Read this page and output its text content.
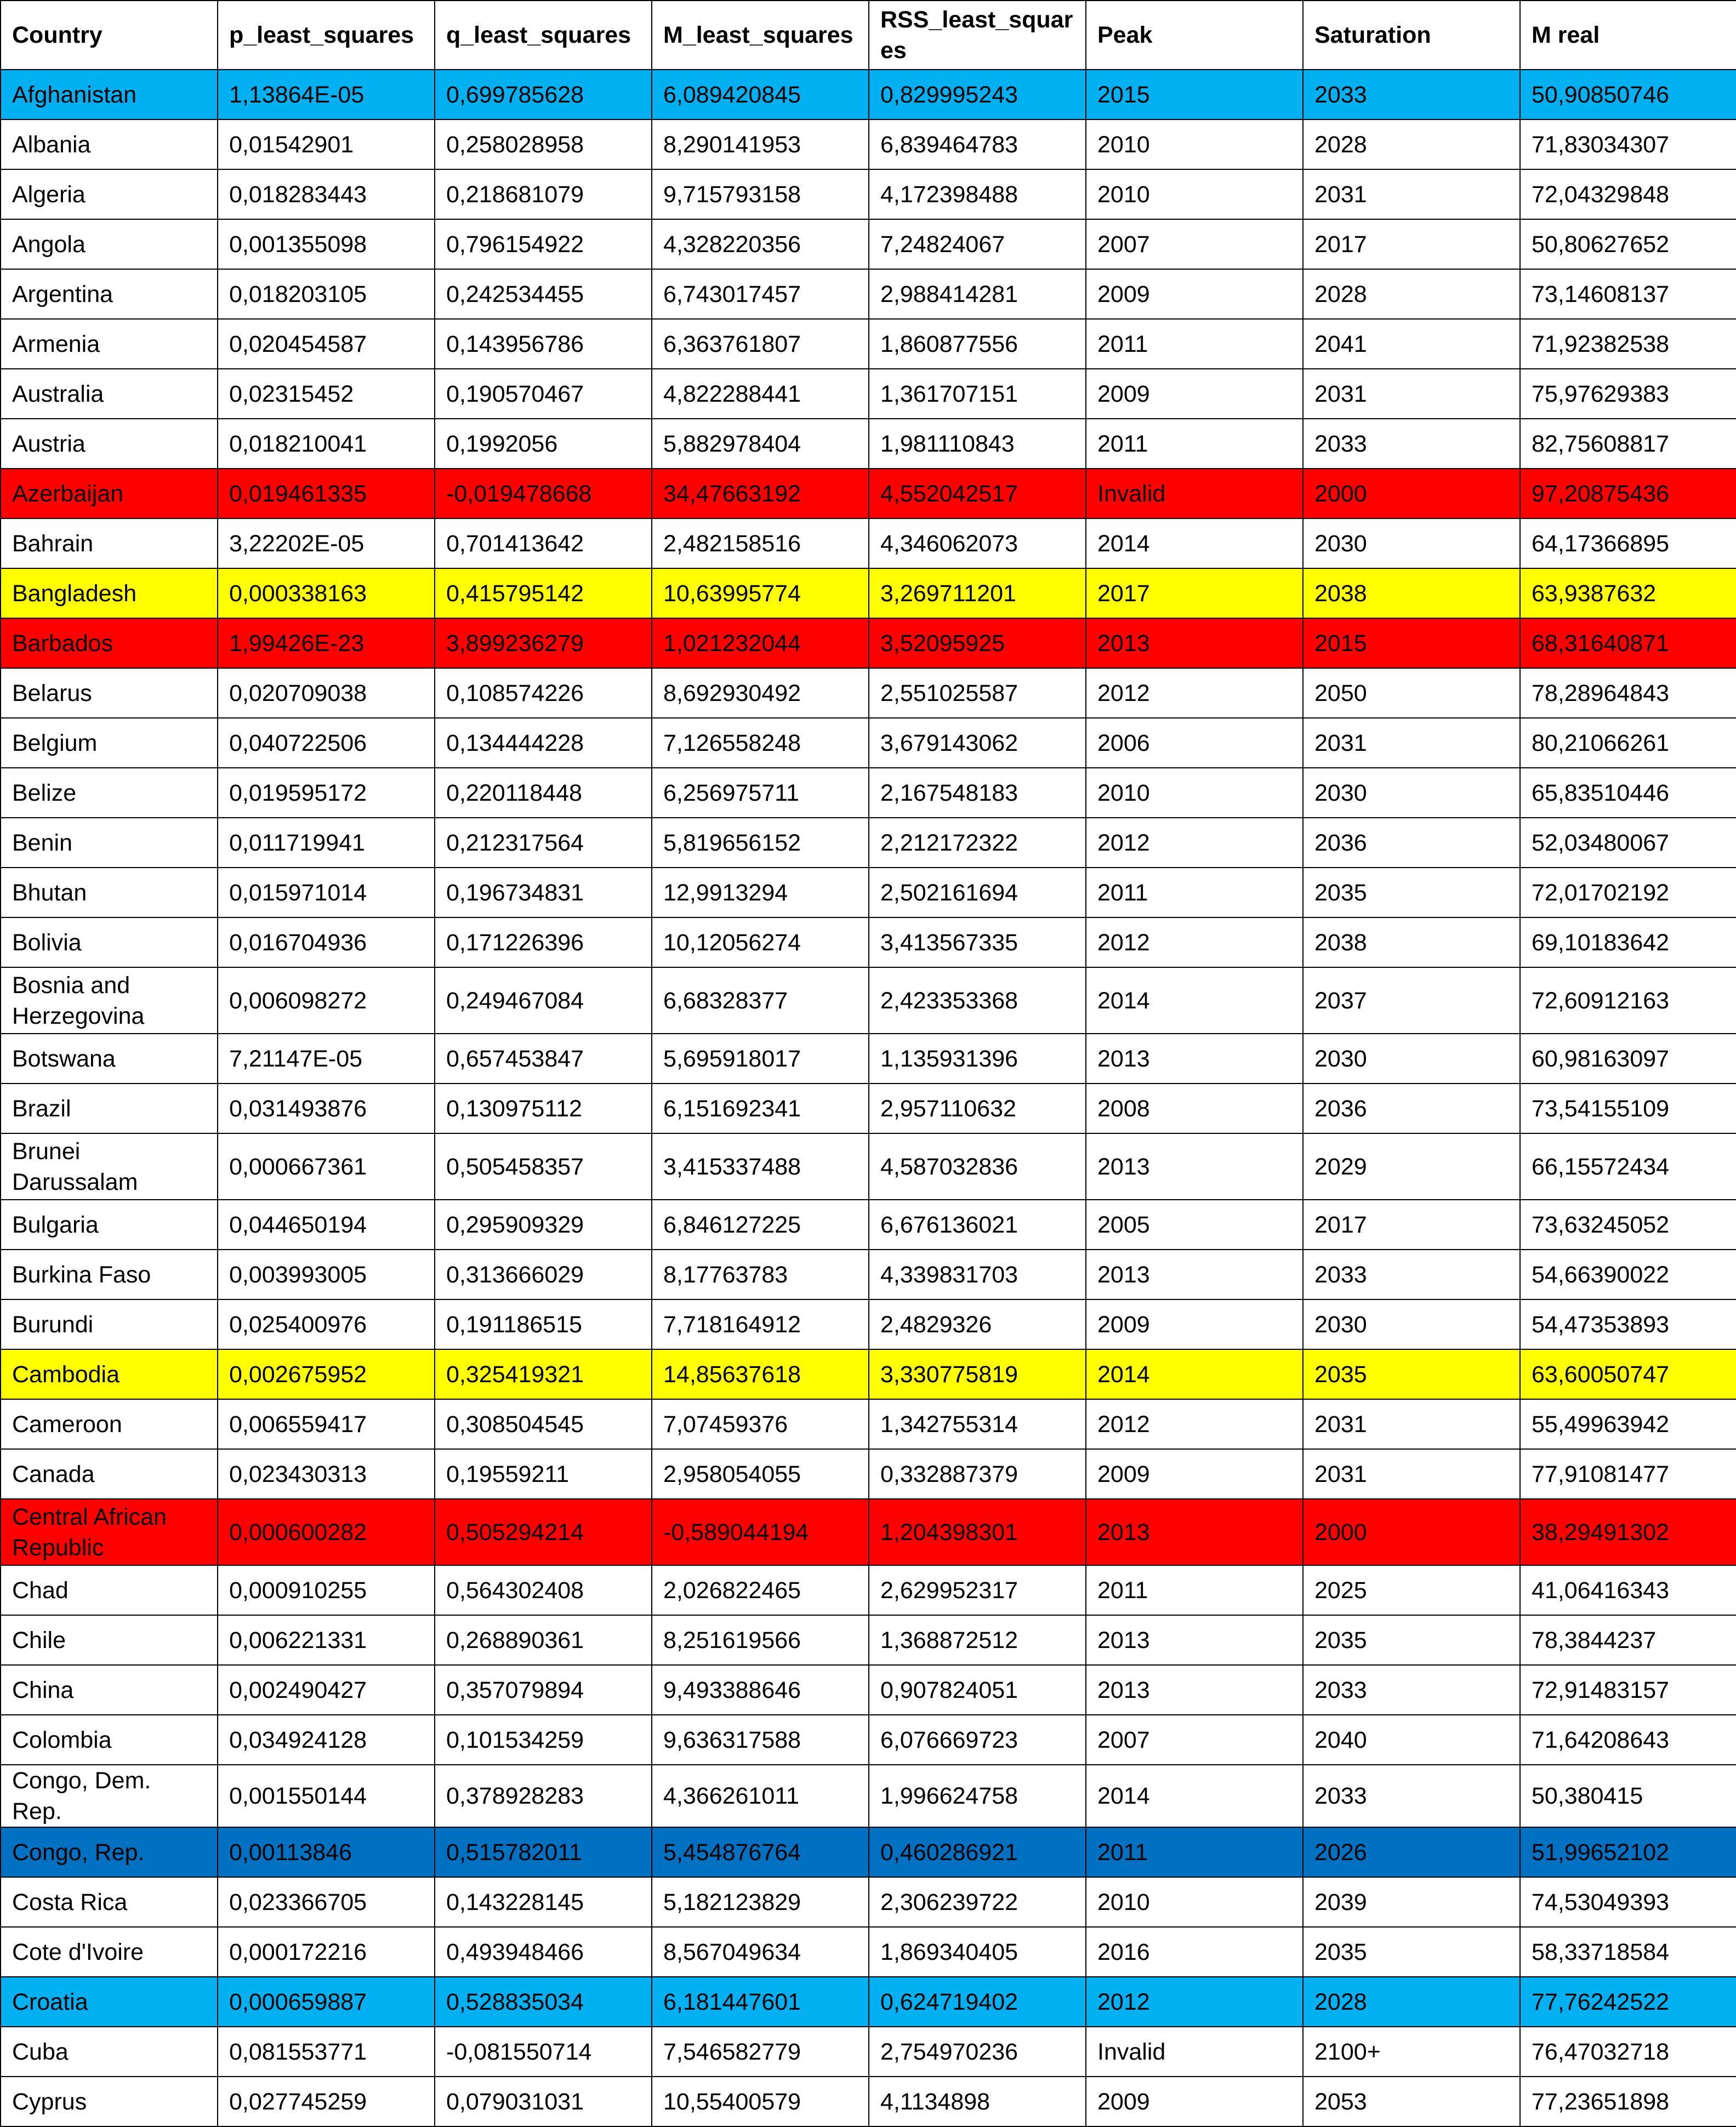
Country	p_least_squares	q_least_squares	M_least_squares	RSS_least_squares	Peak	Saturation	M real
Afghanistan	1,13864E-05	0,699785628	6,089420845	0,829995243	2015	2033	50,90850746
Albania	0,01542901	0,258028958	8,290141953	6,839464783	2010	2028	71,83034307
Algeria	0,018283443	0,218681079	9,715793158	4,172398488	2010	2031	72,04329848
Angola	0,001355098	0,796154922	4,328220356	7,24824067	2007	2017	50,80627652
Argentina	0,018203105	0,242534455	6,743017457	2,988414281	2009	2028	73,14608137
Armenia	0,020454587	0,143956786	6,363761807	1,860877556	2011	2041	71,92382538
Australia	0,02315452	0,190570467	4,822288441	1,361707151	2009	2031	75,97629383
Austria	0,018210041	0,1992056	5,882978404	1,981110843	2011	2033	82,75608817
Azerbaijan	0,019461335	-0,019478668	34,47663192	4,552042517	Invalid	2000	97,20875436
Bahrain	3,22202E-05	0,701413642	2,482158516	4,346062073	2014	2030	64,17366895
Bangladesh	0,000338163	0,415795142	10,63995774	3,269711201	2017	2038	63,9387632
Barbados	1,99426E-23	3,899236279	1,021232044	3,52095925	2013	2015	68,31640871
Belarus	0,020709038	0,108574226	8,692930492	2,551025587	2012	2050	78,28964843
Belgium	0,040722506	0,134444228	7,126558248	3,679143062	2006	2031	80,21066261
Belize	0,019595172	0,220118448	6,256975711	2,167548183	2010	2030	65,83510446
Benin	0,011719941	0,212317564	5,819656152	2,212172322	2012	2036	52,03480067
Bhutan	0,015971014	0,196734831	12,9913294	2,502161694	2011	2035	72,01702192
Bolivia	0,016704936	0,171226396	10,12056274	3,413567335	2012	2038	69,10183642
Bosnia and Herzegovina	0,006098272	0,249467084	6,68328377	2,423353368	2014	2037	72,60912163
Botswana	7,21147E-05	0,657453847	5,695918017	1,135931396	2013	2030	60,98163097
Brazil	0,031493876	0,130975112	6,151692341	2,957110632	2008	2036	73,54155109
Brunei Darussalam	0,000667361	0,505458357	3,415337488	4,587032836	2013	2029	66,15572434
Bulgaria	0,044650194	0,295909329	6,846127225	6,676136021	2005	2017	73,63245052
Burkina Faso	0,003993005	0,313666029	8,17763783	4,339831703	2013	2033	54,66390022
Burundi	0,025400976	0,191186515	7,718164912	2,4829326	2009	2030	54,47353893
Cambodia	0,002675952	0,325419321	14,85637618	3,330775819	2014	2035	63,60050747
Cameroon	0,006559417	0,308504545	7,07459376	1,342755314	2012	2031	55,49963942
Canada	0,023430313	0,19559211	2,958054055	0,332887379	2009	2031	77,91081477
Central African Republic	0,000600282	0,505294214	-0,589044194	1,204398301	2013	2000	38,29491302
Chad	0,000910255	0,564302408	2,026822465	2,629952317	2011	2025	41,06416343
Chile	0,006221331	0,268890361	8,251619566	1,368872512	2013	2035	78,3844237
China	0,002490427	0,357079894	9,493388646	0,907824051	2013	2033	72,91483157
Colombia	0,034924128	0,101534259	9,636317588	6,076669723	2007	2040	71,64208643
Congo, Dem. Rep.	0,001550144	0,378928283	4,366261011	1,996624758	2014	2033	50,380415
Congo, Rep.	0,00113846	0,515782011	5,454876764	0,460286921	2011	2026	51,99652102
Costa Rica	0,023366705	0,143228145	5,182123829	2,306239722	2010	2039	74,53049393
Cote d'Ivoire	0,000172216	0,493948466	8,567049634	1,869340405	2016	2035	58,33718584
Croatia	0,000659887	0,528835034	6,181447601	0,624719402	2012	2028	77,76242522
Cuba	0,081553771	-0,081550714	7,546582779	2,754970236	Invalid	2100+	76,47032718
Cyprus	0,027745259	0,079031031	10,55400579	4,1134898	2009	2053	77,23651898
